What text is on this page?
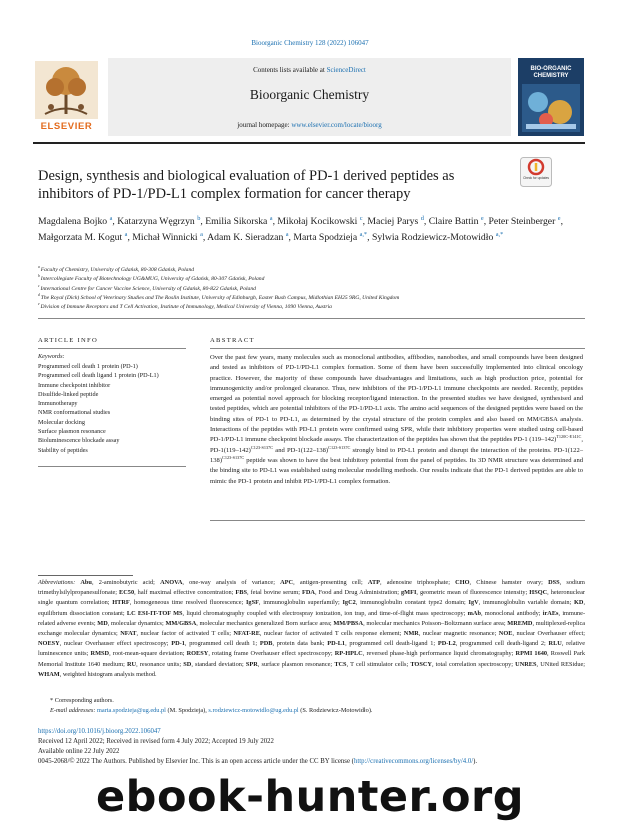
Bioorganic Chemistry 128 (2022) 106047
ELSEVIER
Contents lists available at ScienceDirect
Bioorganic Chemistry
journal homepage: www.elsevier.com/locate/bioorg
BIO-ORGANIC CHEMISTRY
Design, synthesis and biological evaluation of PD-1 derived peptides as inhibitors of PD-1/PD-L1 complex formation for cancer therapy
Check for updates
Magdalena Bojko $^a$, Katarzyna Węgrzyn $^b$, Emilia Sikorska $^a$, Mikołaj Kocikowski $^c$, Maciej Parys $^d$, Claire Battin $^e$, Peter Steinberger $^e$, Małgorzata M. Kogut $^a$, Michał Winnicki $^a$, Adam K. Sieradzan $^a$, Marta Spodzieja $^{a,*}$, Sylwia Rodziewicz-Motowidło $^{a,*}$
$^a$ Faculty of Chemistry, University of Gdańsk, 80-308 Gdańsk, Poland
$^b$ Intercollegiate Faculty of Biotechnology UG&MUG, University of Gdańsk, 80-307 Gdańsk, Poland
$^c$ International Centre for Cancer Vaccine Science, University of Gdańsk, 80-822 Gdańsk, Poland
$^d$ The Royal (Dick) School of Veterinary Studies and The Roslin Institute, University of Edinburgh, Easter Bush Campus, Midlothian EH25 9RG, United Kingdom
$^e$ Division of Immune Receptors and T Cell Activation, Institute of Immunology, Medical University of Vienna, 1090 Vienna, Austria
ARTICLE INFO
Keywords:
Programmed cell death 1 protein (PD-1)
Programmed cell death ligand 1 protein (PD-L1)
Immune checkpoint inhibitor
Disulfide-linked peptide
Immunotherapy
NMR conformational studies
Molecular docking
Surface plasmon resonance
Bioluminescence blockade assay
Stability of peptides
ABSTRACT
Over the past few years, many molecules such as monoclonal antibodies, affibodies, nanobodies, and small compounds have been designed and tested as inhibitors of PD-1/PD-L1 complex formation. Some of them have been successfully implemented into clinical oncology practice. However, the majority of these compounds have disadvantages and limitations, such as high production price, potential for immunogenicity and/or prolonged clearance. Thus, new inhibitors of the PD-1/PD-L1 immune checkpoints are needed. Recently, peptides emerged as potential novel approach for blocking receptor/ligand interaction. In the presented studies we have designed, synthesised and tested peptides, which are potential inhibitors of the PD-1/PD-L1 axis. The amino acid sequences of the designed peptides were based on the binding sites of PD-1 to PD-L1, as determined by the crystal structure of the protein complex and also based on MM/GBSA analysis. Interactions of the peptides with PD-L1 protein were confirmed using SPR, while their inhibitory properties were studied using cell-based PD-1/PD-L1 immune checkpoint blockade assays. The characterization of the peptides has shown that the peptides PD-1 $(119-142)^{T120C-E141C}$, $PD-1(119-142)^{C123-S137C}$ and $PD-1(122-138)^{C123-S137C}$ strongly bind to PD-L1 protein and disrupt the interaction of the proteins. $PD-1(122-138)^{C123-S137C}$ peptide was shown to have the best inhibitory potential from the panel of peptides. Its 3D NMR structure was determined and the binding site to PD-L1 was established using molecular modelling methods. Our results indicate that the PD-1 derived peptides are able to mimic the PD-1 protein and inhibit PD-1/PD-L1 complex formation.
Abbreviations: Abu, 2-aminobutyric acid; ANOVA, one-way analysis of variance; APC, antigen-presenting cell; ATP, adenosine triphosphate; CHO, Chinese hamster ovary; DSS, sodium trimethylsilylpropanesulfonate; EC50, half maximal effective concentration; FBS, fetal bovine serum; FDA, Food and Drug Administration; gMFI, geometric mean of fluorescence intensity; HSQC, heteronuclear single quantum correlation; HTRF, homogeneous time resolved fluorescence; IgSF, immunoglobulin superfamily; IgC2, immunoglobulin constant type2 domain; IgV, immunoglobulin variable domain; KD, equilibrium dissociation constant; LC ESI-IT-TOF MS, liquid chromatography coupled with electrospray ionization, ion trap, and time-of-flight mass spectroscopy; mAb, monoclonal antibody; irAEs, immune-related adverse events; MD, molecular dynamics; MM/GBSA, molecular mechanics generalized Born surface area; MM/PBSA, molecular mechanics Poisson–Boltzmann surface area; MREMD, multiplexed-replica exchange molecular dynamics; NFAT, nuclear factor of activated T cells; NFAT-RE, nuclear factor of activated T cells response element; NMR, nuclear magnetic resonance; NOE, nuclear Overhauser effect; NOESY, nuclear Overhauser effect spectroscopy; PD-1, programmed cell death 1; PDB, protein data bank; PD-L1, programmed cell death-ligand 1; PD-L2, programmed cell death-ligand 2; RLU, relative luminescence units; RMSD, root-mean-square deviation; ROESY, rotating frame Overhauser effect spectroscopy; RP-HPLC, reversed phase-high performance liquid chromatography; RPMI 1640, Roswell Park Memorial Institute 1640 medium; RU, resonance units; SD, standard deviation; SPR, surface plasmon resonance; TCS, T cell stimulator cells; TOSCY, total correlation spectroscopy; UNRES, UNited RESidue; WHAM, weighted histogram analysis method.
* Corresponding authors.
E-mail addresses: marta.spodzieja@ug.edu.pl (M. Spodzieja), s.rodziewicz-motowidlo@ug.edu.pl (S. Rodziewicz-Motowidło).
https://doi.org/10.1016/j.bioorg.2022.106047
Received 12 April 2022; Received in revised form 4 July 2022; Accepted 19 July 2022
Available online 22 July 2022
0045-2068/© 2022 The Authors. Published by Elsevier Inc. This is an open access article under the CC BY license (http://creativecommons.org/licenses/by/4.0/).
ebook-hunter.org
